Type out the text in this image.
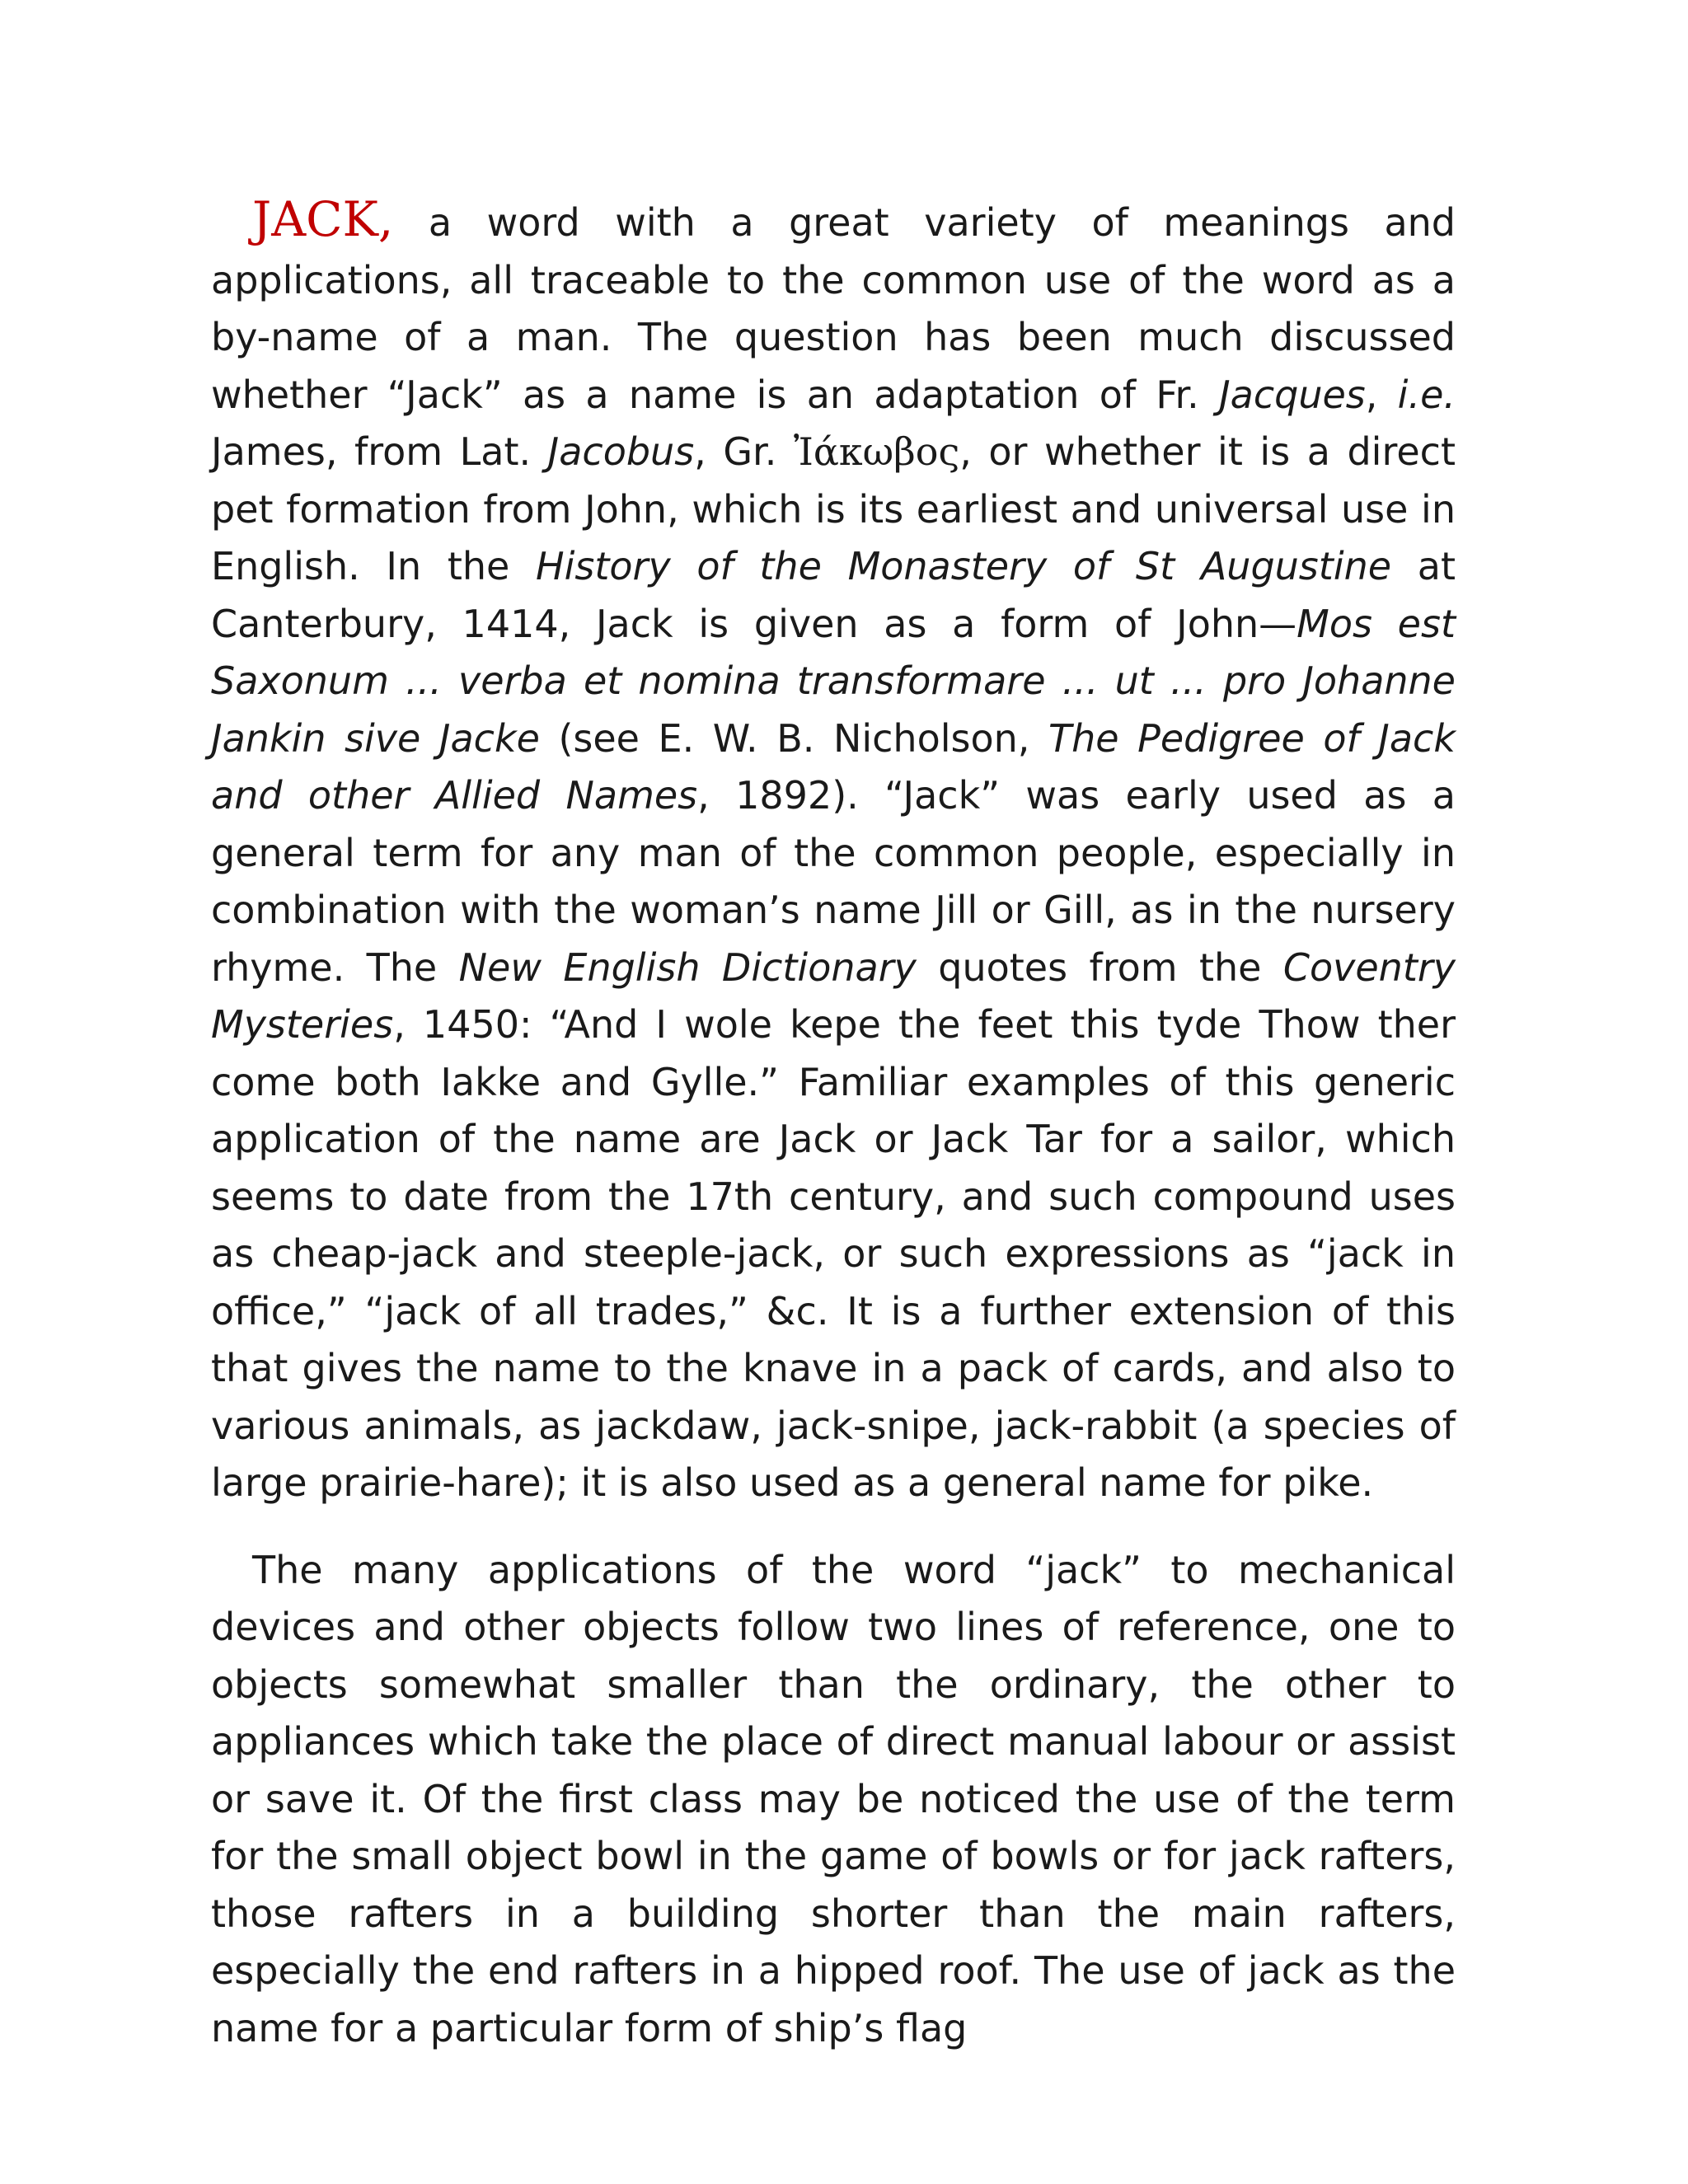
JACK, a word with a great variety of meanings and applications, all traceable to the common use of the word as a by-name of a man. The question has been much discussed whether “Jack” as a name is an adaptation of Fr. Jacques, i.e. James, from Lat. Jacobus, Gr. Ἰάκωβος, or whether it is a direct pet formation from John, which is its earliest and universal use in English. In the History of the Monastery of St Augustine at Canterbury, 1414, Jack is given as a form of John—Mos est Saxonum ... verba et nomina transformare ... ut ... pro Johanne Jankin sive Jacke (see E. W. B. Nicholson, The Pedigree of Jack and other Allied Names, 1892). “Jack” was early used as a general term for any man of the common people, especially in combination with the woman’s name Jill or Gill, as in the nursery rhyme. The New English Dictionary quotes from the Coventry Mysteries, 1450: “And I wole kepe the feet this tyde Thow ther come both Iakke and Gylle.” Familiar examples of this generic application of the name are Jack or Jack Tar for a sailor, which seems to date from the 17th century, and such compound uses as cheap-jack and steeple-jack, or such expressions as “jack in office,” “jack of all trades,” &c. It is a further extension of this that gives the name to the knave in a pack of cards, and also to various animals, as jackdaw, jack-snipe, jack-rabbit (a species of large prairie-hare); it is also used as a general name for pike.

The many applications of the word “jack” to mechanical devices and other objects follow two lines of reference, one to objects somewhat smaller than the ordinary, the other to appliances which take the place of direct manual labour or assist or save it. Of the first class may be noticed the use of the term for the small object bowl in the game of bowls or for jack rafters, those rafters in a building shorter than the main rafters, especially the end rafters in a hipped roof. The use of jack as the name for a particular form of ship’s flag
